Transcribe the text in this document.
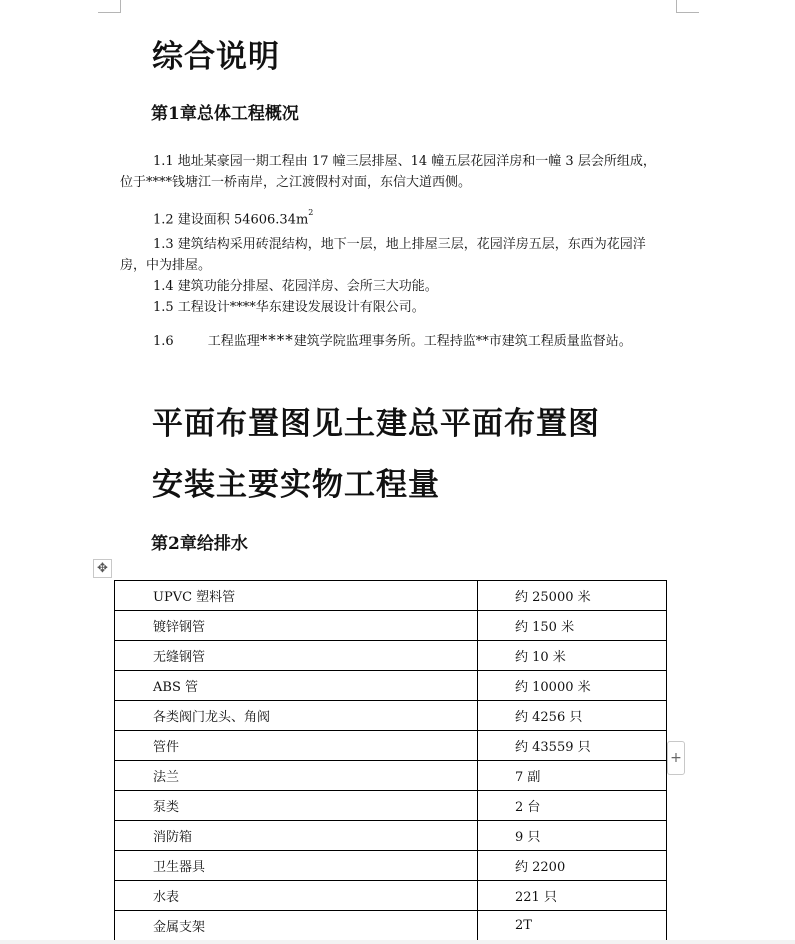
综合说明
第1章总体工程概况
1.1 地址某豪园一期工程由 17 幢三层排屋、14 幢五层花园洋房和一幢 3 层会所组成，
位于****钱塘江一桥南岸，之江渡假村对面，东信大道西侧。
1.2 建设面积 $54606.34m^2$
1.3 建筑结构采用砖混结构，地下一层，地上排屋三层，花园洋房五层，东西为花园洋
房，中为排屋。
1.4 建筑功能分排屋、花园洋房、会所三大功能。
1.5 工程设计****华东建设发展设计有限公司。
1.6	工程监理****建筑学院监理事务所。工程持监**市建筑工程质量监督站。
平面布置图见土建总平面布置图
安装主要实物工程量
第2章给排水
✥
UPVC 塑料管	约 25000 米
镀锌钢管	约 150 米
无缝钢管	约 10 米
ABS 管	约 10000 米
各类阀门龙头、角阀	约 4256 只
管件	约 43559 只
法兰	7 副
泵类	2 台
消防箱	9 只
卫生器具	约 2200
水表	221 只
金属支架	2T
+
